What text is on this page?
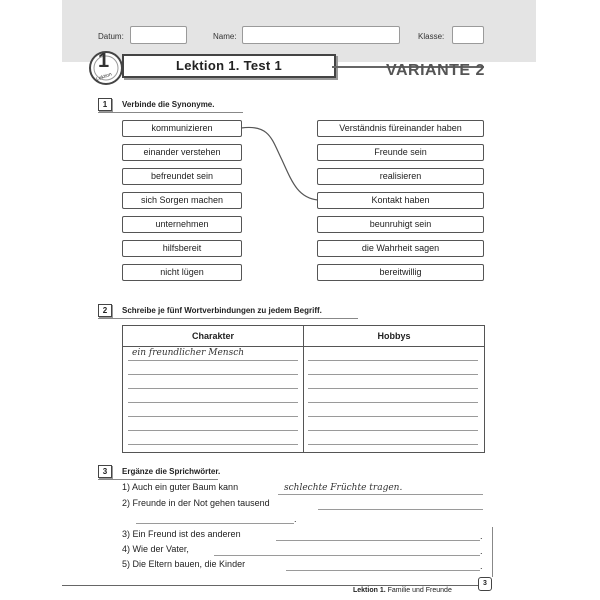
Datum:	Name:	Klasse:
1
Lektion
Lektion 1. Test 1	VARIANTE 2
1	Verbinde die Synonyme.
kommunizieren
einander verstehen
befreundet sein
sich Sorgen machen
unternehmen
hilfsbereit
nicht lügen
Verständnis füreinander haben
Freunde sein
realisieren
Kontakt haben
beunruhigt sein
die Wahrheit sagen
bereitwillig
2	Schreibe je fünf Wortverbindungen zu jedem Begriff.
Charakter	Hobbys
ein freundlicher Mensch
3	Ergänze die Sprichwörter.
1) Auch ein guter Baum kann	schlechte Früchte tragen.
2) Freunde in der Not gehen tausend
.
3) Ein Freund ist des anderen	.
4) Wie der Vater,	.
5) Die Eltern bauen, die Kinder	.
Lektion 1. Familie und Freunde
3
